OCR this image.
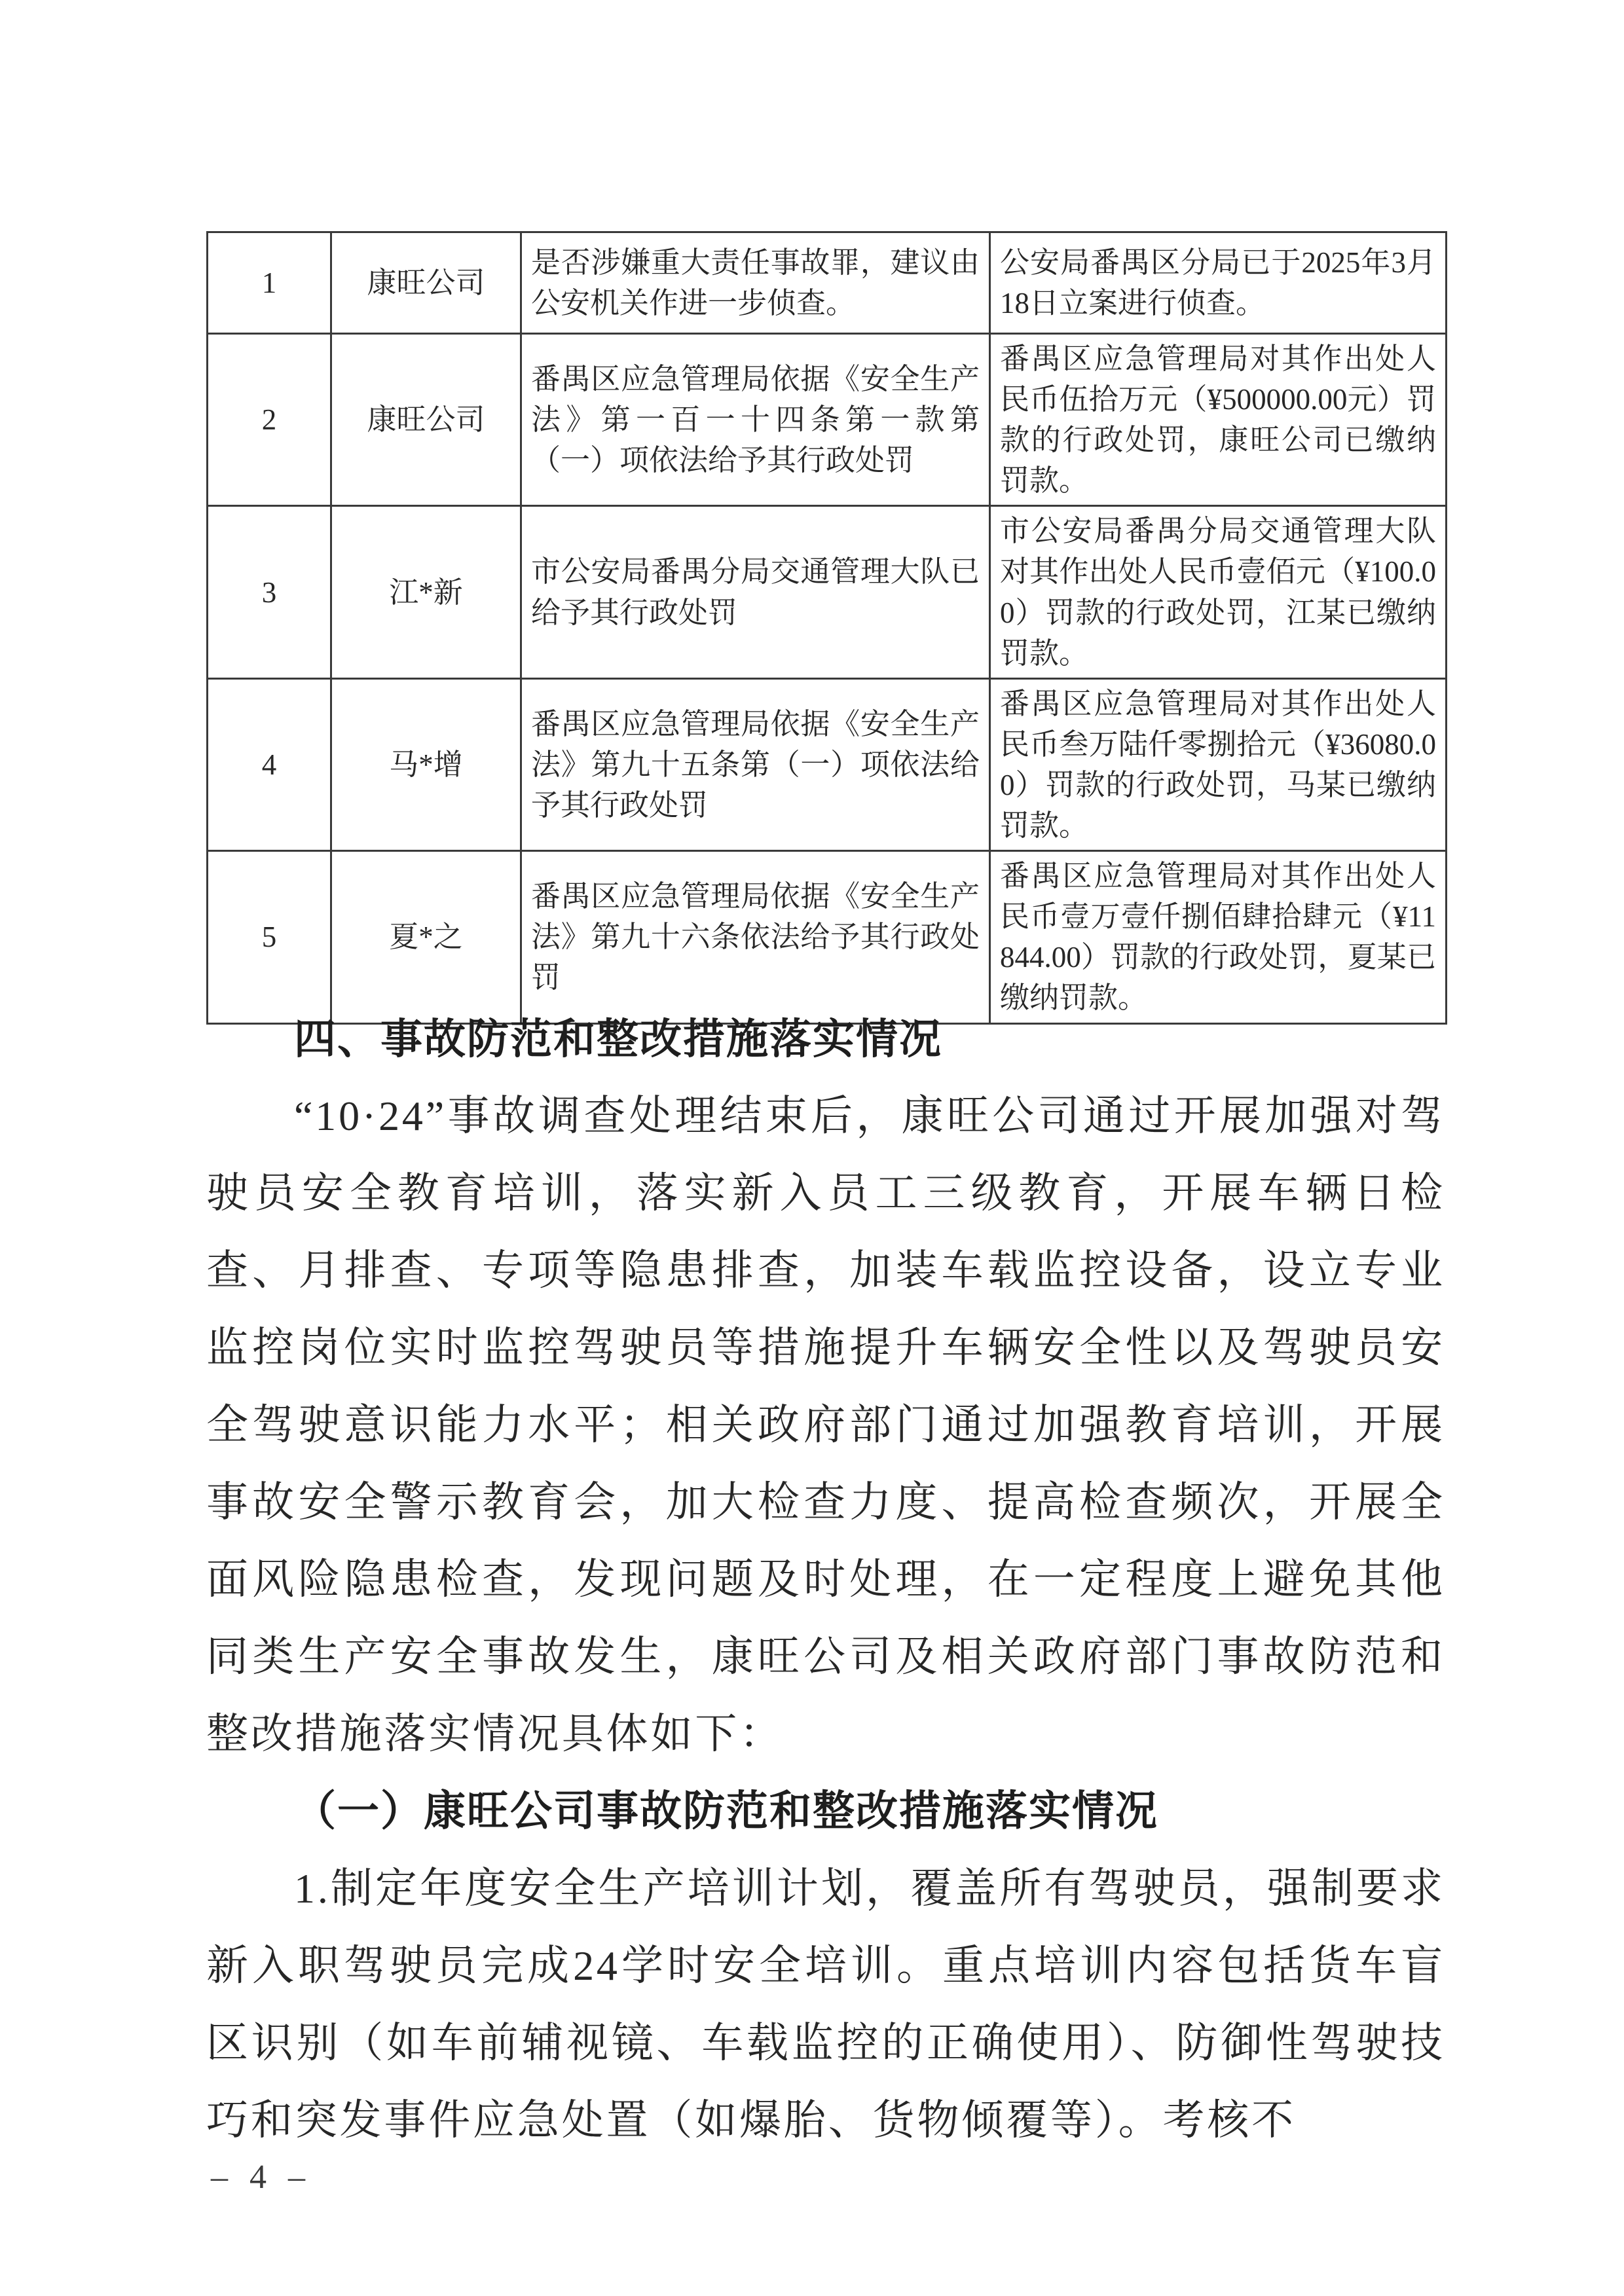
1	康旺公司	是否涉嫌重大责任事故罪，建议由公安机关作进一步侦查。	公安局番禺区分局已于2025年3月18日立案进行侦查。
2	康旺公司	番禺区应急管理局依据《安全生产法》第一百一十四条第一款第（一）项依法给予其行政处罚	番禺区应急管理局对其作出处人民币伍拾万元（¥500000.00元）罚款的行政处罚，康旺公司已缴纳罚款。
3	江*新	市公安局番禺分局交通管理大队已给予其行政处罚	市公安局番禺分局交通管理大队对其作出处人民币壹佰元（¥100.00）罚款的行政处罚，江某已缴纳罚款。
4	马*增	番禺区应急管理局依据《安全生产法》第九十五条第（一）项依法给予其行政处罚	番禺区应急管理局对其作出处人民币叁万陆仟零捌拾元（¥36080.00）罚款的行政处罚，马某已缴纳罚款。
5	夏*之	番禺区应急管理局依据《安全生产法》第九十六条依法给予其行政处罚	番禺区应急管理局对其作出处人民币壹万壹仟捌佰肆拾肆元（¥11844.00）罚款的行政处罚，夏某已缴纳罚款。
四、事故防范和整改措施落实情况

“10·24”事故调查处理结束后，康旺公司通过开展加强对驾驶员安全教育培训，落实新入员工三级教育，开展车辆日检查、月排查、专项等隐患排查，加装车载监控设备，设立专业监控岗位实时监控驾驶员等措施提升车辆安全性以及驾驶员安全驾驶意识能力水平；相关政府部门通过加强教育培训，开展事故安全警示教育会，加大检查力度、提高检查频次，开展全面风险隐患检查，发现问题及时处理，在一定程度上避免其他同类生产安全事故发生，康旺公司及相关政府部门事故防范和整改措施落实情况具体如下：

（一）康旺公司事故防范和整改措施落实情况

1.制定年度安全生产培训计划，覆盖所有驾驶员，强制要求新入职驾驶员完成24学时安全培训。重点培训内容包括货车盲区识别（如车前辅视镜、车载监控的正确使用）、防御性驾驶技巧和突发事件应急处置（如爆胎、货物倾覆等）。考核不

– 4 –
